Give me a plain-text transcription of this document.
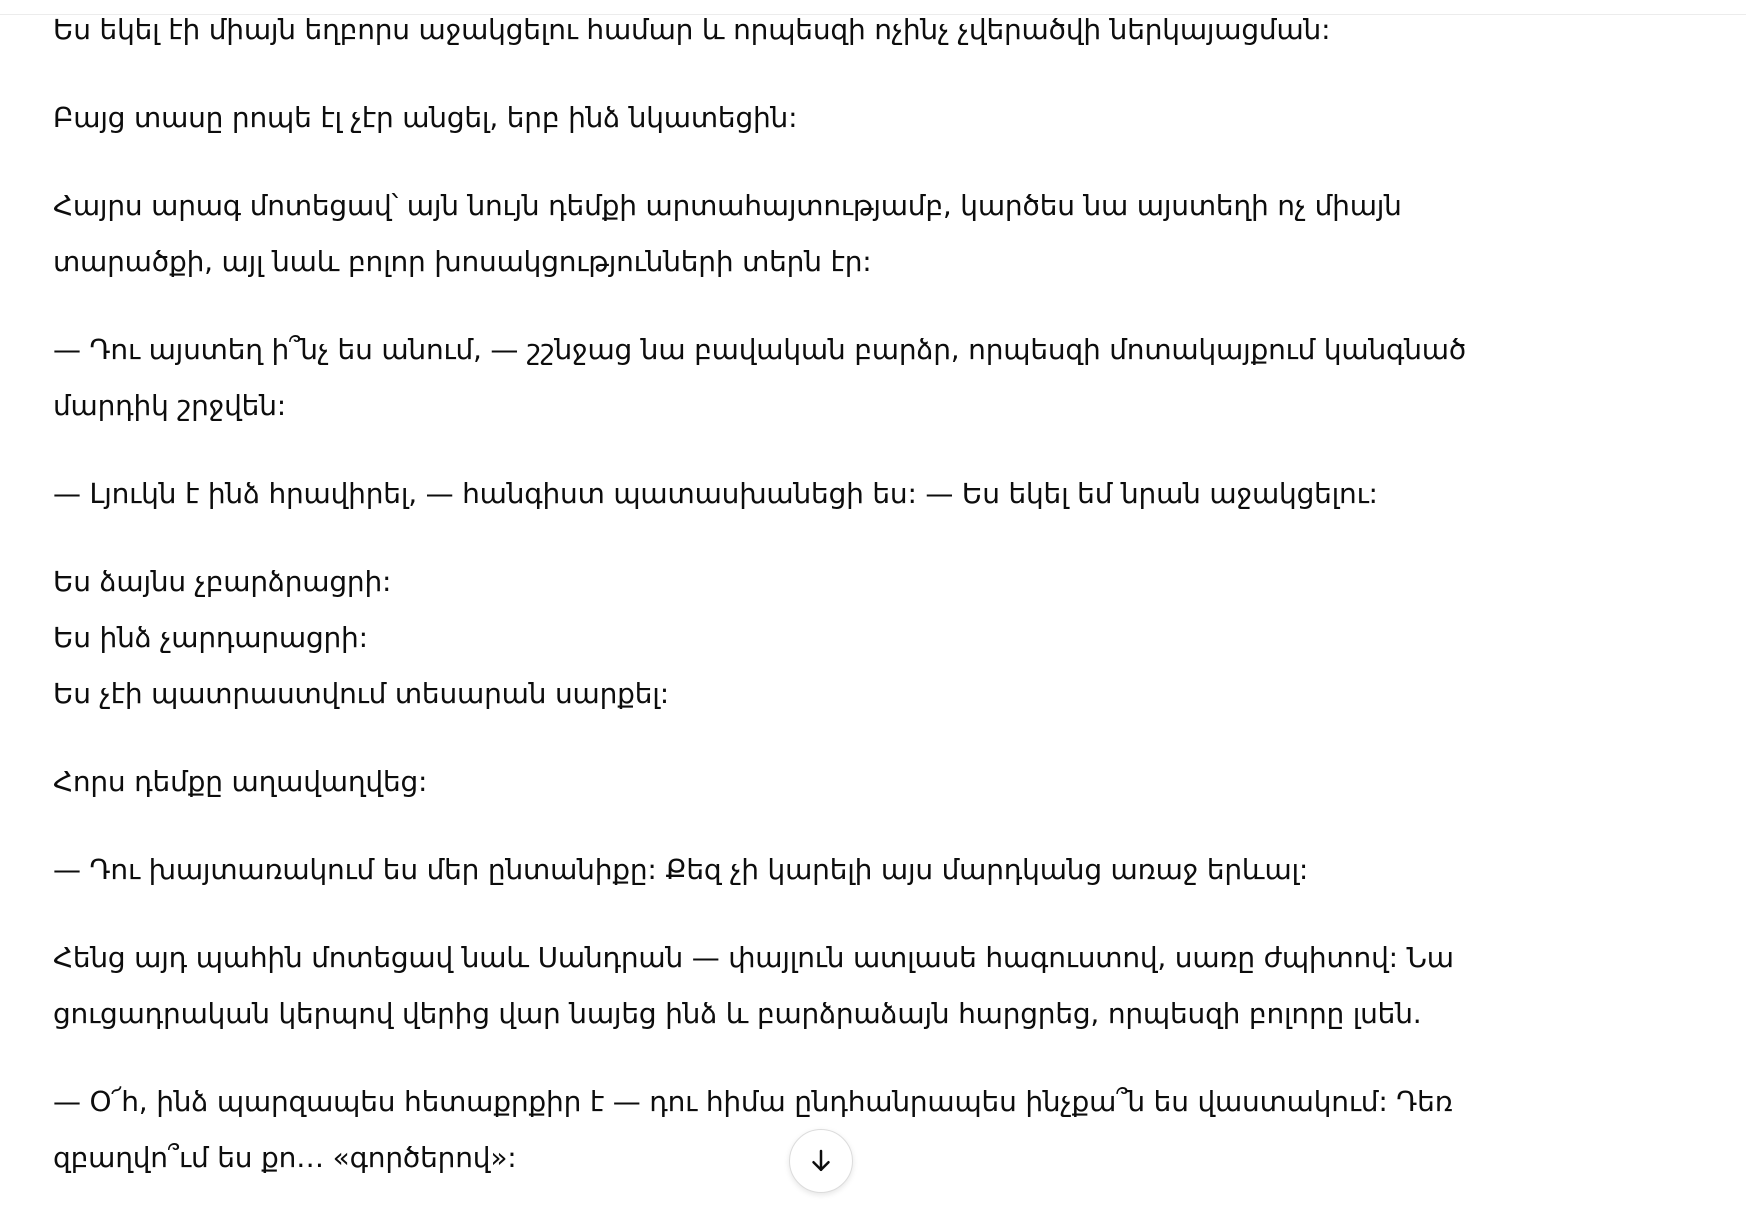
Ես եկել էի միայն եղբորս աջակցելու համար և որպեսզի ոչինչ չվերածվի ներկայացման:
Բայց տասը րոպե էլ չէր անցել, երբ ինձ նկատեցին:
Հայրս արագ մոտեցավ՝ այն նույն դեմքի արտահայտությամբ, կարծես նա այստեղի ոչ միայն
տարածքի, այլ նաև բոլոր խոսակցությունների տերն էր:
— Դու այստեղ ի՞նչ ես անում, — շշնջաց նա բավական բարձր, որպեսզի մոտակայքում կանգնած
մարդիկ շրջվեն:
— Լյուկն է ինձ հրավիրել, — հանգիստ պատասխանեցի ես: — Ես եկել եմ նրան աջակցելու:
Ես ձայնս չբարձրացրի:
Ես ինձ չարդարացրի:
Ես չէի պատրաստվում տեսարան սարքել:
Հորս դեմքը աղավաղվեց:
— Դու խայտառակում ես մեր ընտանիքը: Քեզ չի կարելի այս մարդկանց առաջ երևալ:
Հենց այդ պահին մոտեցավ նաև Սանդրան — փայլուն ատլասե հագուստով, սառը ժպիտով: Նա
ցուցադրական կերպով վերից վար նայեց ինձ և բարձրաձայն հարցրեց, որպեսզի բոլորը լսեն.
— Օ՜հ, ինձ պարզապես հետաքրքիր է — դու հիմա ընդհանրապես ինչքա՞ն ես վաստակում: Դեռ
զբաղվո՞ւմ ես քո… «գործերով»:
